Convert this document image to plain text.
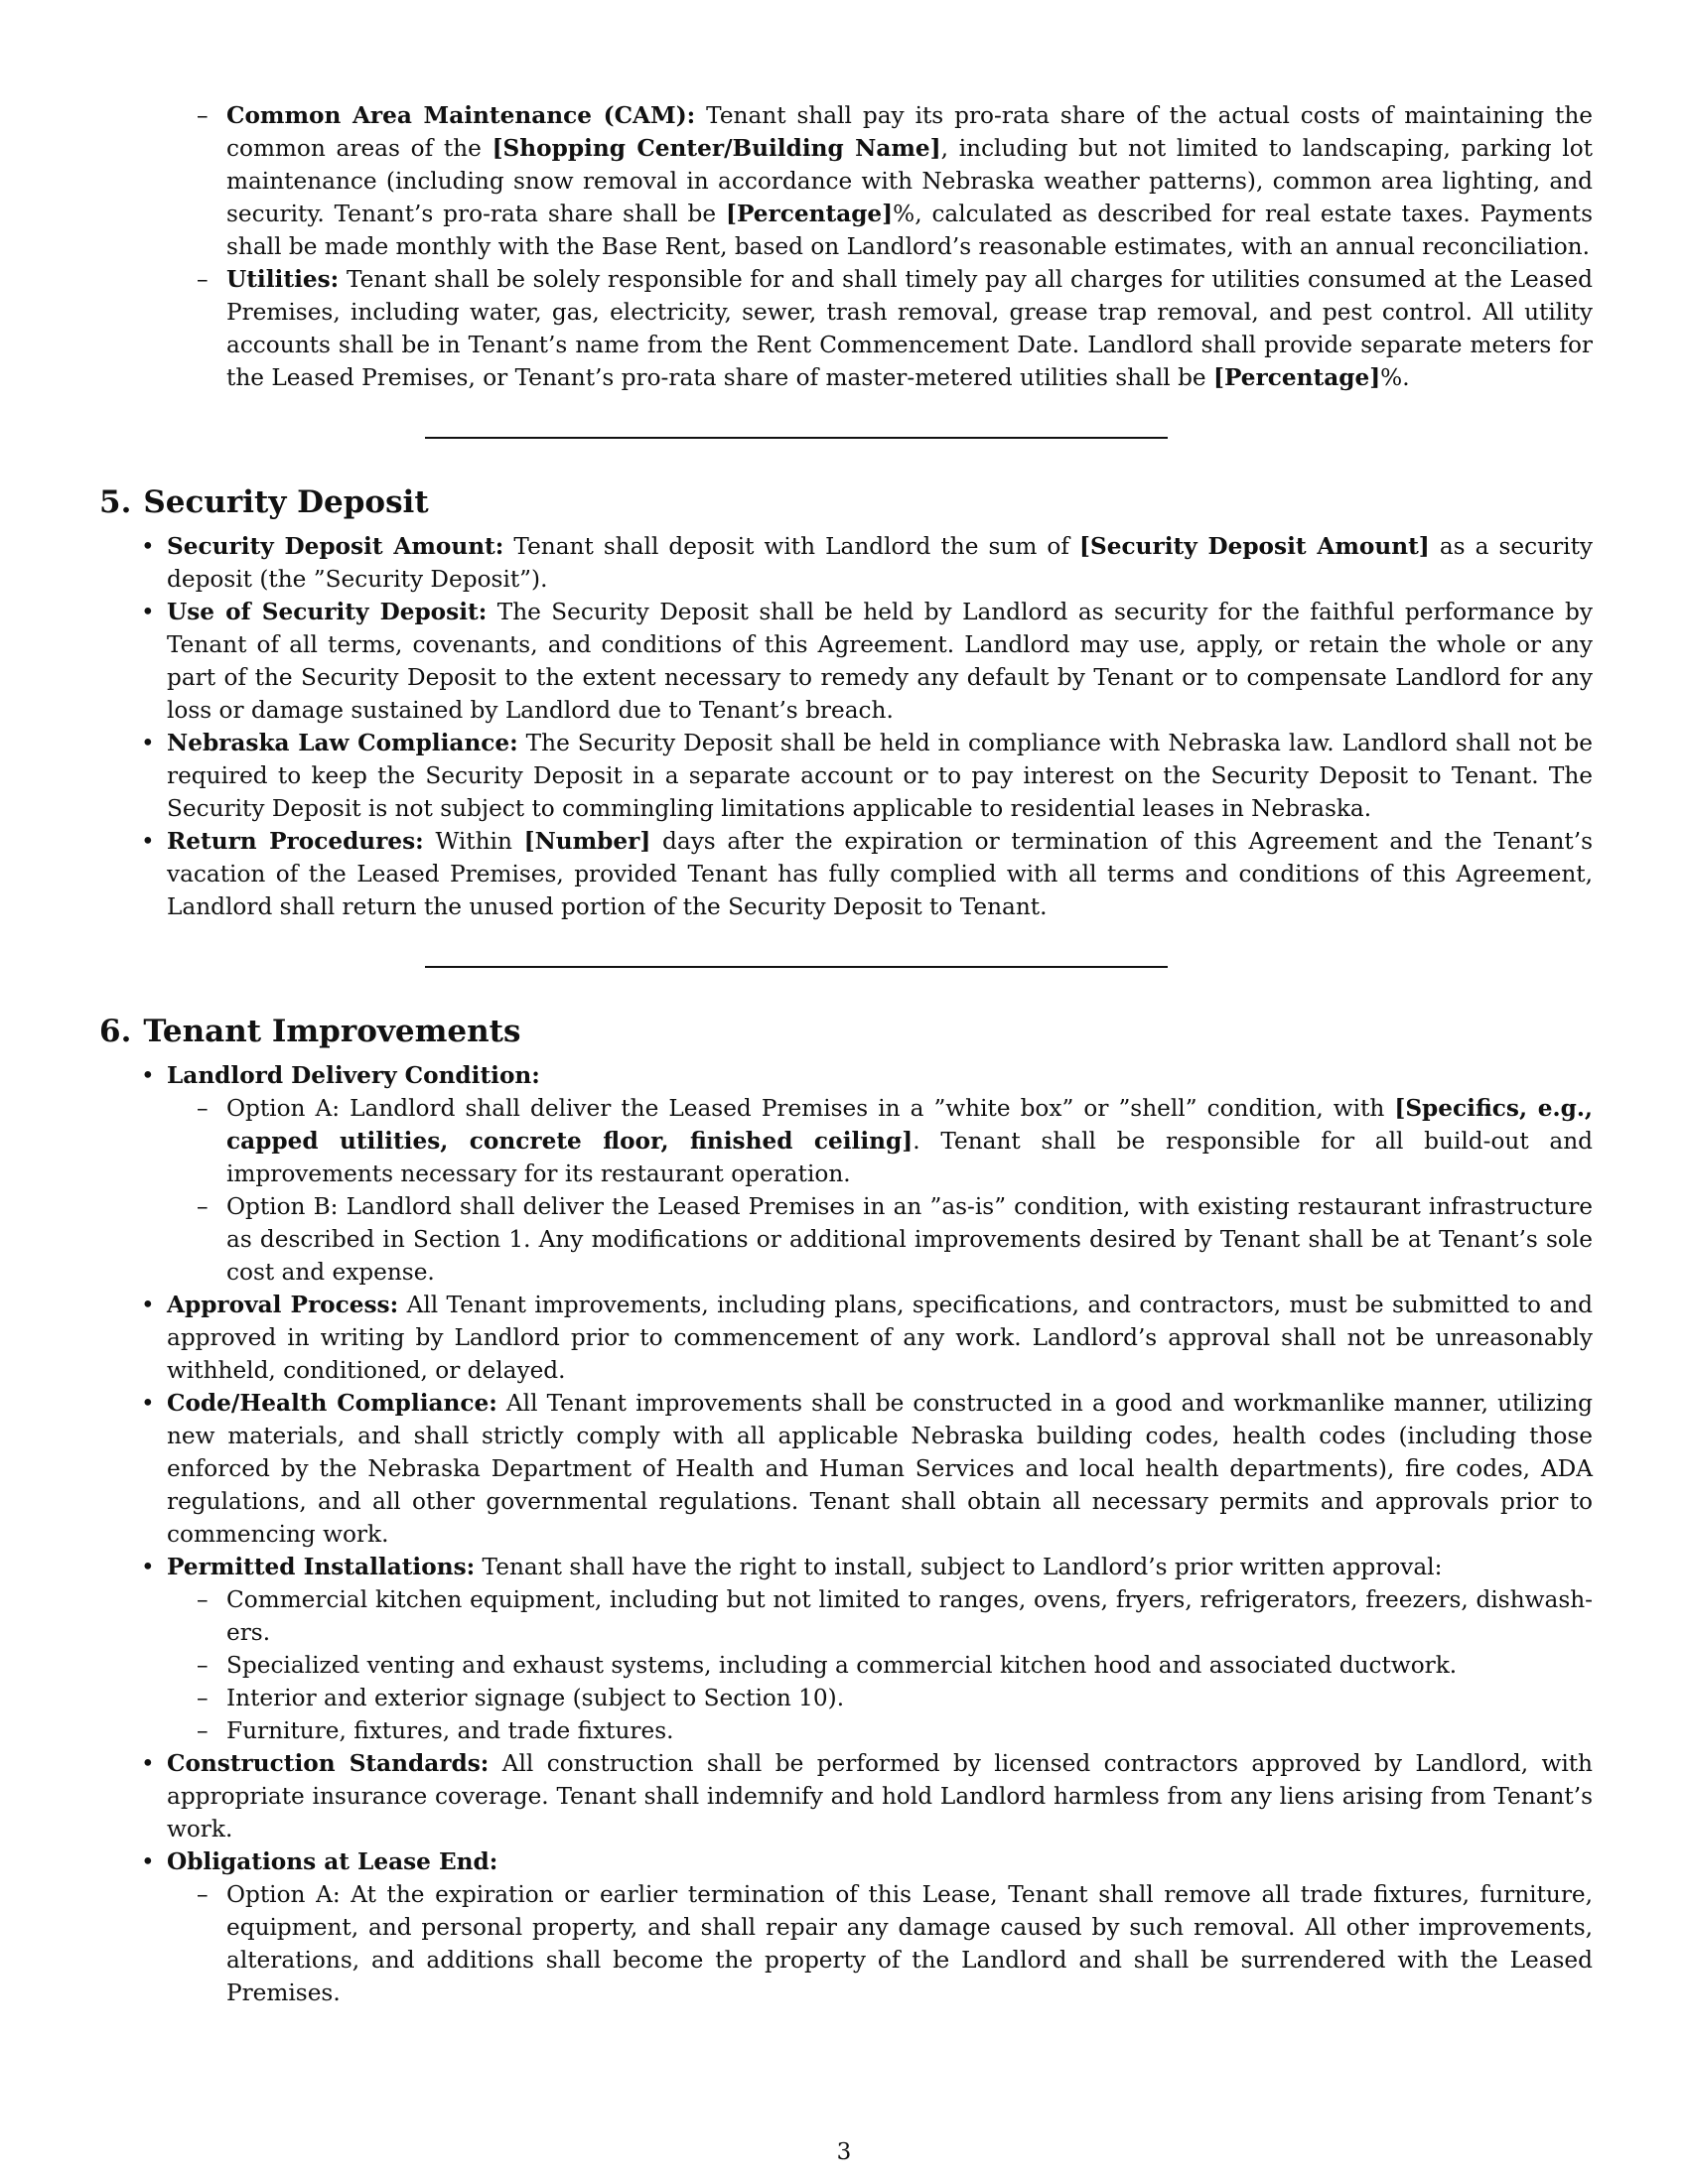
– Common Area Maintenance (CAM): Tenant shall pay its pro-rata share of the actual costs of maintaining the common areas of the [Shopping Center/Building Name], including but not limited to landscaping, parking lot maintenance (including snow removal in accordance with Nebraska weather patterns), common area lighting, and security. Tenant’s pro-rata share shall be [Percentage]%, calculated as described for real estate taxes. Payments shall be made monthly with the Base Rent, based on Landlord’s reasonable estimates, with an annual reconciliation.
– Utilities: Tenant shall be solely responsible for and shall timely pay all charges for utilities consumed at the Leased Premises, including water, gas, electricity, sewer, trash removal, grease trap removal, and pest control. All utility accounts shall be in Tenant’s name from the Rent Commencement Date. Landlord shall provide separate meters for the Leased Premises, or Tenant’s pro-rata share of master-metered utilities shall be [Percentage]%.
5. Security Deposit
• Security Deposit Amount: Tenant shall deposit with Landlord the sum of [Security Deposit Amount] as a security deposit (the ”Security Deposit”).
• Use of Security Deposit: The Security Deposit shall be held by Landlord as security for the faithful performance by Tenant of all terms, covenants, and conditions of this Agreement. Landlord may use, apply, or retain the whole or any part of the Security Deposit to the extent necessary to remedy any default by Tenant or to compensate Landlord for any loss or damage sustained by Landlord due to Tenant’s breach.
• Nebraska Law Compliance: The Security Deposit shall be held in compliance with Nebraska law. Landlord shall not be required to keep the Security Deposit in a separate account or to pay interest on the Security Deposit to Tenant. The Security Deposit is not subject to commingling limitations applicable to residential leases in Nebraska.
• Return Procedures: Within [Number] days after the expiration or termination of this Agreement and the Tenant’s vacation of the Leased Premises, provided Tenant has fully complied with all terms and conditions of this Agreement, Landlord shall return the unused portion of the Security Deposit to Tenant.
6. Tenant Improvements
• Landlord Delivery Condition:
– Option A: Landlord shall deliver the Leased Premises in a ”white box” or ”shell” condition, with [Specifics, e.g., capped utilities, concrete floor, finished ceiling]. Tenant shall be responsible for all build-out and improvements necessary for its restaurant operation.
– Option B: Landlord shall deliver the Leased Premises in an ”as-is” condition, with existing restaurant infrastructure as described in Section 1. Any modifications or additional improvements desired by Tenant shall be at Tenant’s sole cost and expense.
• Approval Process: All Tenant improvements, including plans, specifications, and contractors, must be submitted to and approved in writing by Landlord prior to commencement of any work. Landlord’s approval shall not be unreasonably withheld, conditioned, or delayed.
• Code/Health Compliance: All Tenant improvements shall be constructed in a good and workmanlike manner, utilizing new materials, and shall strictly comply with all applicable Nebraska building codes, health codes (including those enforced by the Nebraska Department of Health and Human Services and local health departments), fire codes, ADA regulations, and all other governmental regulations. Tenant shall obtain all necessary permits and approvals prior to commencing work.
• Permitted Installations: Tenant shall have the right to install, subject to Landlord’s prior written approval:
– Commercial kitchen equipment, including but not limited to ranges, ovens, fryers, refrigerators, freezers, dishwash-ers.
– Specialized venting and exhaust systems, including a commercial kitchen hood and associated ductwork.
– Interior and exterior signage (subject to Section 10).
– Furniture, fixtures, and trade fixtures.
• Construction Standards: All construction shall be performed by licensed contractors approved by Landlord, with appropriate insurance coverage. Tenant shall indemnify and hold Landlord harmless from any liens arising from Tenant’s work.
• Obligations at Lease End:
– Option A: At the expiration or earlier termination of this Lease, Tenant shall remove all trade fixtures, furniture, equipment, and personal property, and shall repair any damage caused by such removal. All other improvements, alterations, and additions shall become the property of the Landlord and shall be surrendered with the Leased Premises.
3
